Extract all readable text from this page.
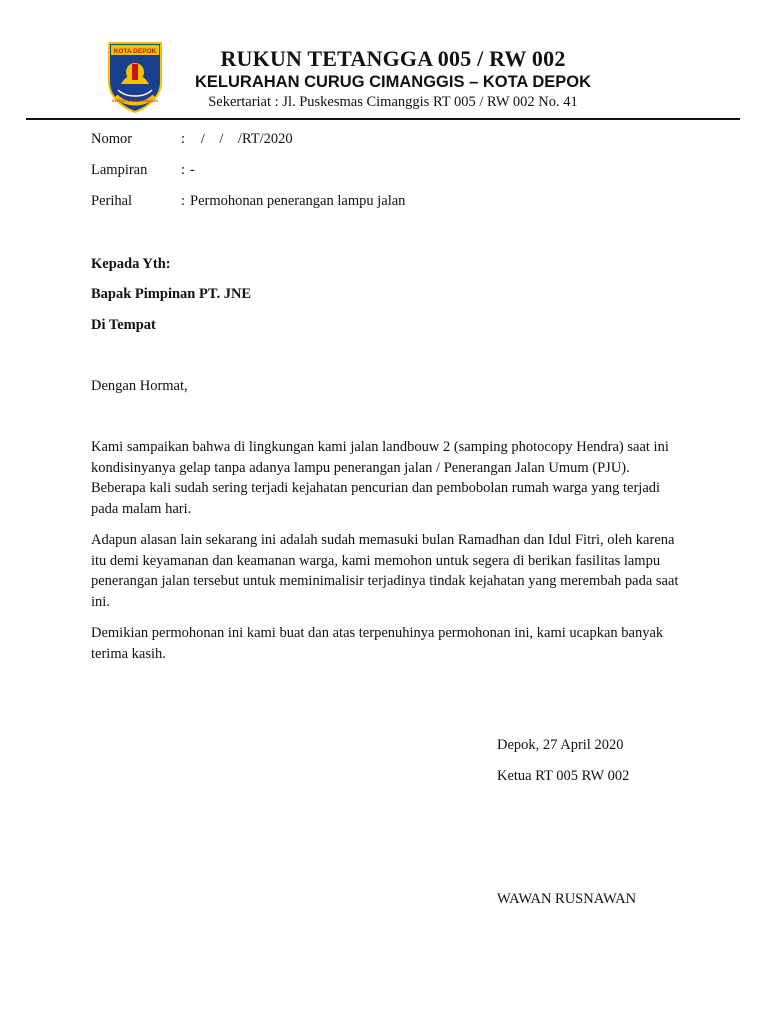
KOTA DEPOK
BERSATU MEMBANGUN
RUKUN TETANGGA 005 / RW 002
KELURAHAN CURUG CIMANGGIS – KOTA DEPOK
Sekertariat : Jl. Puskesmas Cimanggis RT 005 / RW 002 No. 41
Nomor	: /    /    /RT/2020
Lampiran	: -
Perihal	: Permohonan penerangan lampu jalan
Kepada Yth:
Bapak Pimpinan PT. JNE
Di Tempat
Dengan Hormat,
Kami sampaikan bahwa di lingkungan kami jalan landbouw 2 (samping photocopy Hendra) saat ini kondisinyanya gelap tanpa adanya lampu penerangan jalan / Penerangan Jalan Umum (PJU). Beberapa kali sudah sering terjadi kejahatan pencurian dan pembobolan rumah warga yang terjadi pada malam hari.
Adapun alasan lain sekarang ini adalah sudah memasuki bulan Ramadhan dan Idul Fitri, oleh karena itu demi keyamanan dan keamanan warga, kami memohon untuk segera di berikan fasilitas lampu penerangan jalan tersebut untuk meminimalisir terjadinya tindak kejahatan yang merembah pada saat ini.
Demikian permohonan ini kami buat dan atas terpenuhinya permohonan ini, kami ucapkan banyak terima kasih.
Depok, 27 April 2020
Ketua RT 005 RW 002
WAWAN RUSNAWAN
